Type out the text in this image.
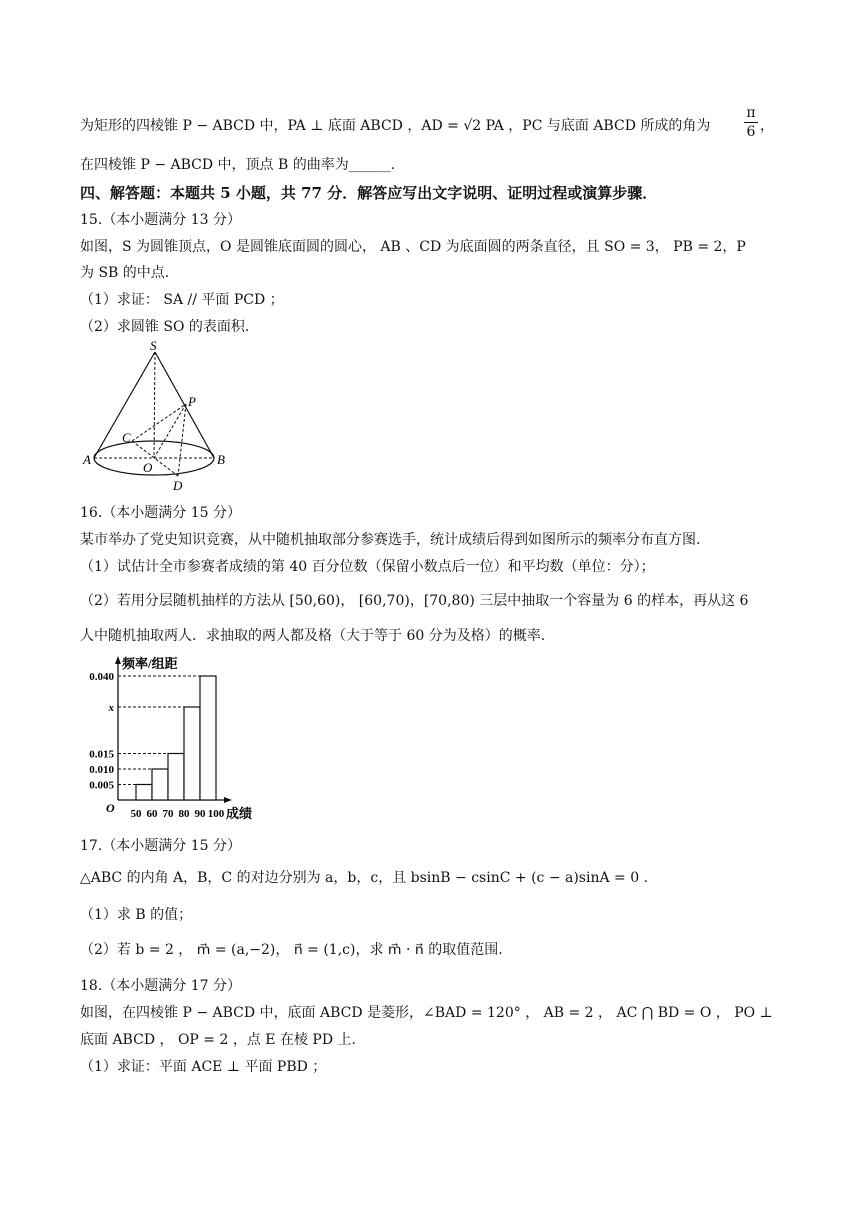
为矩形的四棱锥 P − ABCD 中，PA ⊥ 底面 ABCD ，AD = √2 PA ，PC 与底面 ABCD 所成的角为 $\frac{\pi}{6}$ ，
在四棱锥 P − ABCD 中，顶点 B 的曲率为______.
四、解答题：本题共 5 小题，共 77 分．解答应写出文字说明、证明过程或演算步骤．
15.（本小题满分 13 分）
如图，S 为圆锥顶点，O 是圆锥底面圆的圆心， AB 、CD 为底面圆的两条直径，且 SO = 3， PB = 2，P
为 SB 的中点.
（1）求证： SA // 平面 PCD ；
（2）求圆锥 SO 的表面积.
S
P
C
A
O
B
D
16.（本小题满分 15 分）
某市举办了党史知识竞赛，从中随机抽取部分参赛选手，统计成绩后得到如图所示的频率分布直方图.
（1）试估计全市参赛者成绩的第 40 百分位数（保留小数点后一位）和平均数（单位：分）；
（2）若用分层随机抽样的方法从 [50,60)， [60,70)，[70,80) 三层中抽取一个容量为 6 的样本，再从这 6
人中随机抽取两人．求抽取的两人都及格（大于等于 60 分为及格）的概率.
频率/组距
成绩
O
0.040
x
0.015
0.010
0.005
50 60 70 80 90 100
17.（本小题满分 15 分）
△ABC 的内角 A，B，C 的对边分别为 a，b，c，且 bsinB − csinC + (c − a)sinA = 0 .
（1）求 B 的值；
（2）若 b = 2 ， m⃗ = (a,−2)， n⃗ = (1,c)，求 m⃗ · n⃗ 的取值范围.
18.（本小题满分 17 分）
如图，在四棱锥 P − ABCD 中，底面 ABCD 是菱形，∠BAD = 120° ， AB = 2 ， AC ⋂ BD = O ， PO ⊥
底面 ABCD ， OP = 2 ，点 E 在棱 PD 上.
（1）求证：平面 ACE ⊥ 平面 PBD ；
